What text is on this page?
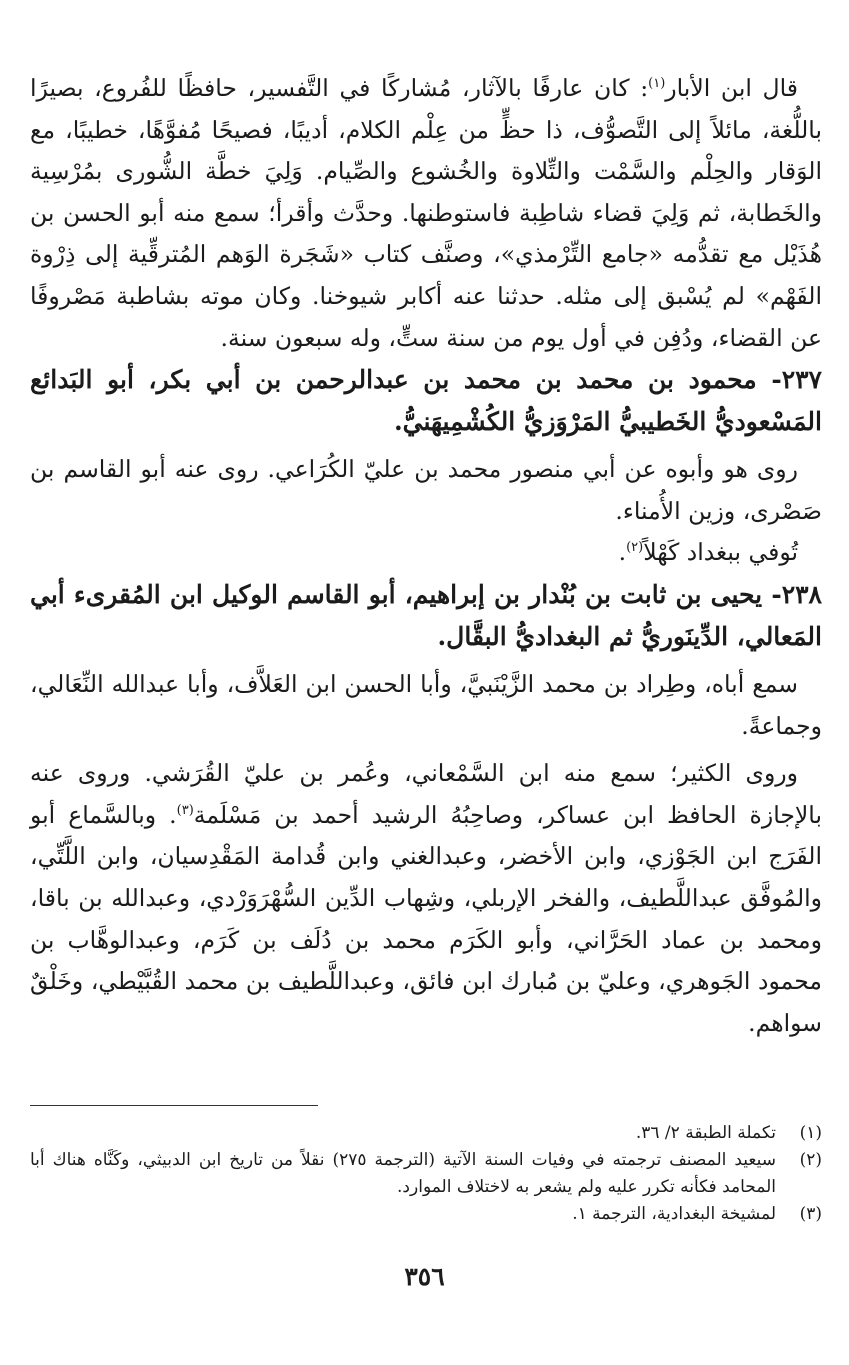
قال ابن الأبار$^{(١)}$: كان عارفًا بالآثار، مُشاركًا في التَّفسير، حافظًا للفُروع، بصيرًا باللُّغة، مائلاً إلى التَّصوُّف، ذا حظٍّ من عِلْم الكلام، أديبًا، فصيحًا مُفوَّهًا، خطيبًا، مع الوَقار والحِلْم والسَّمْت والتِّلاوة والخُشوع والصِّيام. وَلِيَ خطَّة الشُّورى بمُرْسِية والخَطابة، ثم وَلِيَ قضاء شاطِبة فاستوطنها. وحدَّث وأقرأ؛ سمع منه أبو الحسن بن هُذَيْل مع تقدُّمه «جامع التِّرْمذي»، وصنَّف كتاب «شَجَرة الوَهم المُترقِّية إلى ذِرْوة الفَهْم» لم يُسْبق إلى مثله. حدثنا عنه أكابر شيوخنا. وكان موته بشاطبة مَصْروفًا عن القضاء، ودُفِن في أول يوم من سنة ستٍّ، وله سبعون سنة.

٢٣٧- محمود بن محمد بن محمد بن عبدالرحمن بن أبي بكر، أبو البَدائع المَسْعوديُّ الخَطيبيُّ المَرْوَزيُّ الكُشْمِيهَنيُّ.

روى هو وأبوه عن أبي منصور محمد بن عليّ الكُرَاعي. روى عنه أبو القاسم بن صَصْرى، وزين الأُمناء.

تُوفي ببغداد كَهْلاً$^{(٢)}$.

٢٣٨- يحيى بن ثابت بن بُنْدار بن إبراهيم، أبو القاسم الوكيل ابن المُقرىء أبي المَعالي، الدِّينَوريُّ ثم البغداديُّ البقَّال.

سمع أباه، وطِراد بن محمد الزَّيْنَبيَّ، وأبا الحسن ابن العَلاَّف، وأبا عبدالله النِّعَالي، وجماعةً.

وروى الكثير؛ سمع منه ابن السَّمْعاني، وعُمر بن عليّ القُرَشي. وروى عنه بالإجازة الحافظ ابن عساكر، وصاحِبُهُ الرشيد أحمد بن مَسْلَمة$^{(٣)}$. وبالسَّماع أبو الفَرَج ابن الجَوْزي، وابن الأخضر، وعبدالغني وابن قُدامة المَقْدِسيان، وابن اللَّتِّي، والمُوفَّق عبداللَّطيف، والفخر الإربلي، وشِهاب الدِّين السُّهْرَوَرْدي، وعبدالله بن باقا، ومحمد بن عماد الحَرَّاني، وأبو الكَرَم محمد بن دُلَف بن كَرَم، وعبدالوهَّاب بن محمود الجَوهري، وعليّ بن مُبارك ابن فائق، وعبداللَّطيف بن محمد القُبَّيْطي، وخَلْقٌ سواهم.

(١)
تكملة الطبقة ٢/ ٣٦.

(٢)
سيعيد المصنف ترجمته في وفيات السنة الآتية (الترجمة ٢٧٥) نقلاً من تاريخ ابن الدبيثي، وكَنَّاه هناك أبا المحامد فكأنه تكرر عليه ولم يشعر به لاختلاف الموارد.

(٣)
لمشيخة البغدادية، الترجمة ١.

٣٥٦
